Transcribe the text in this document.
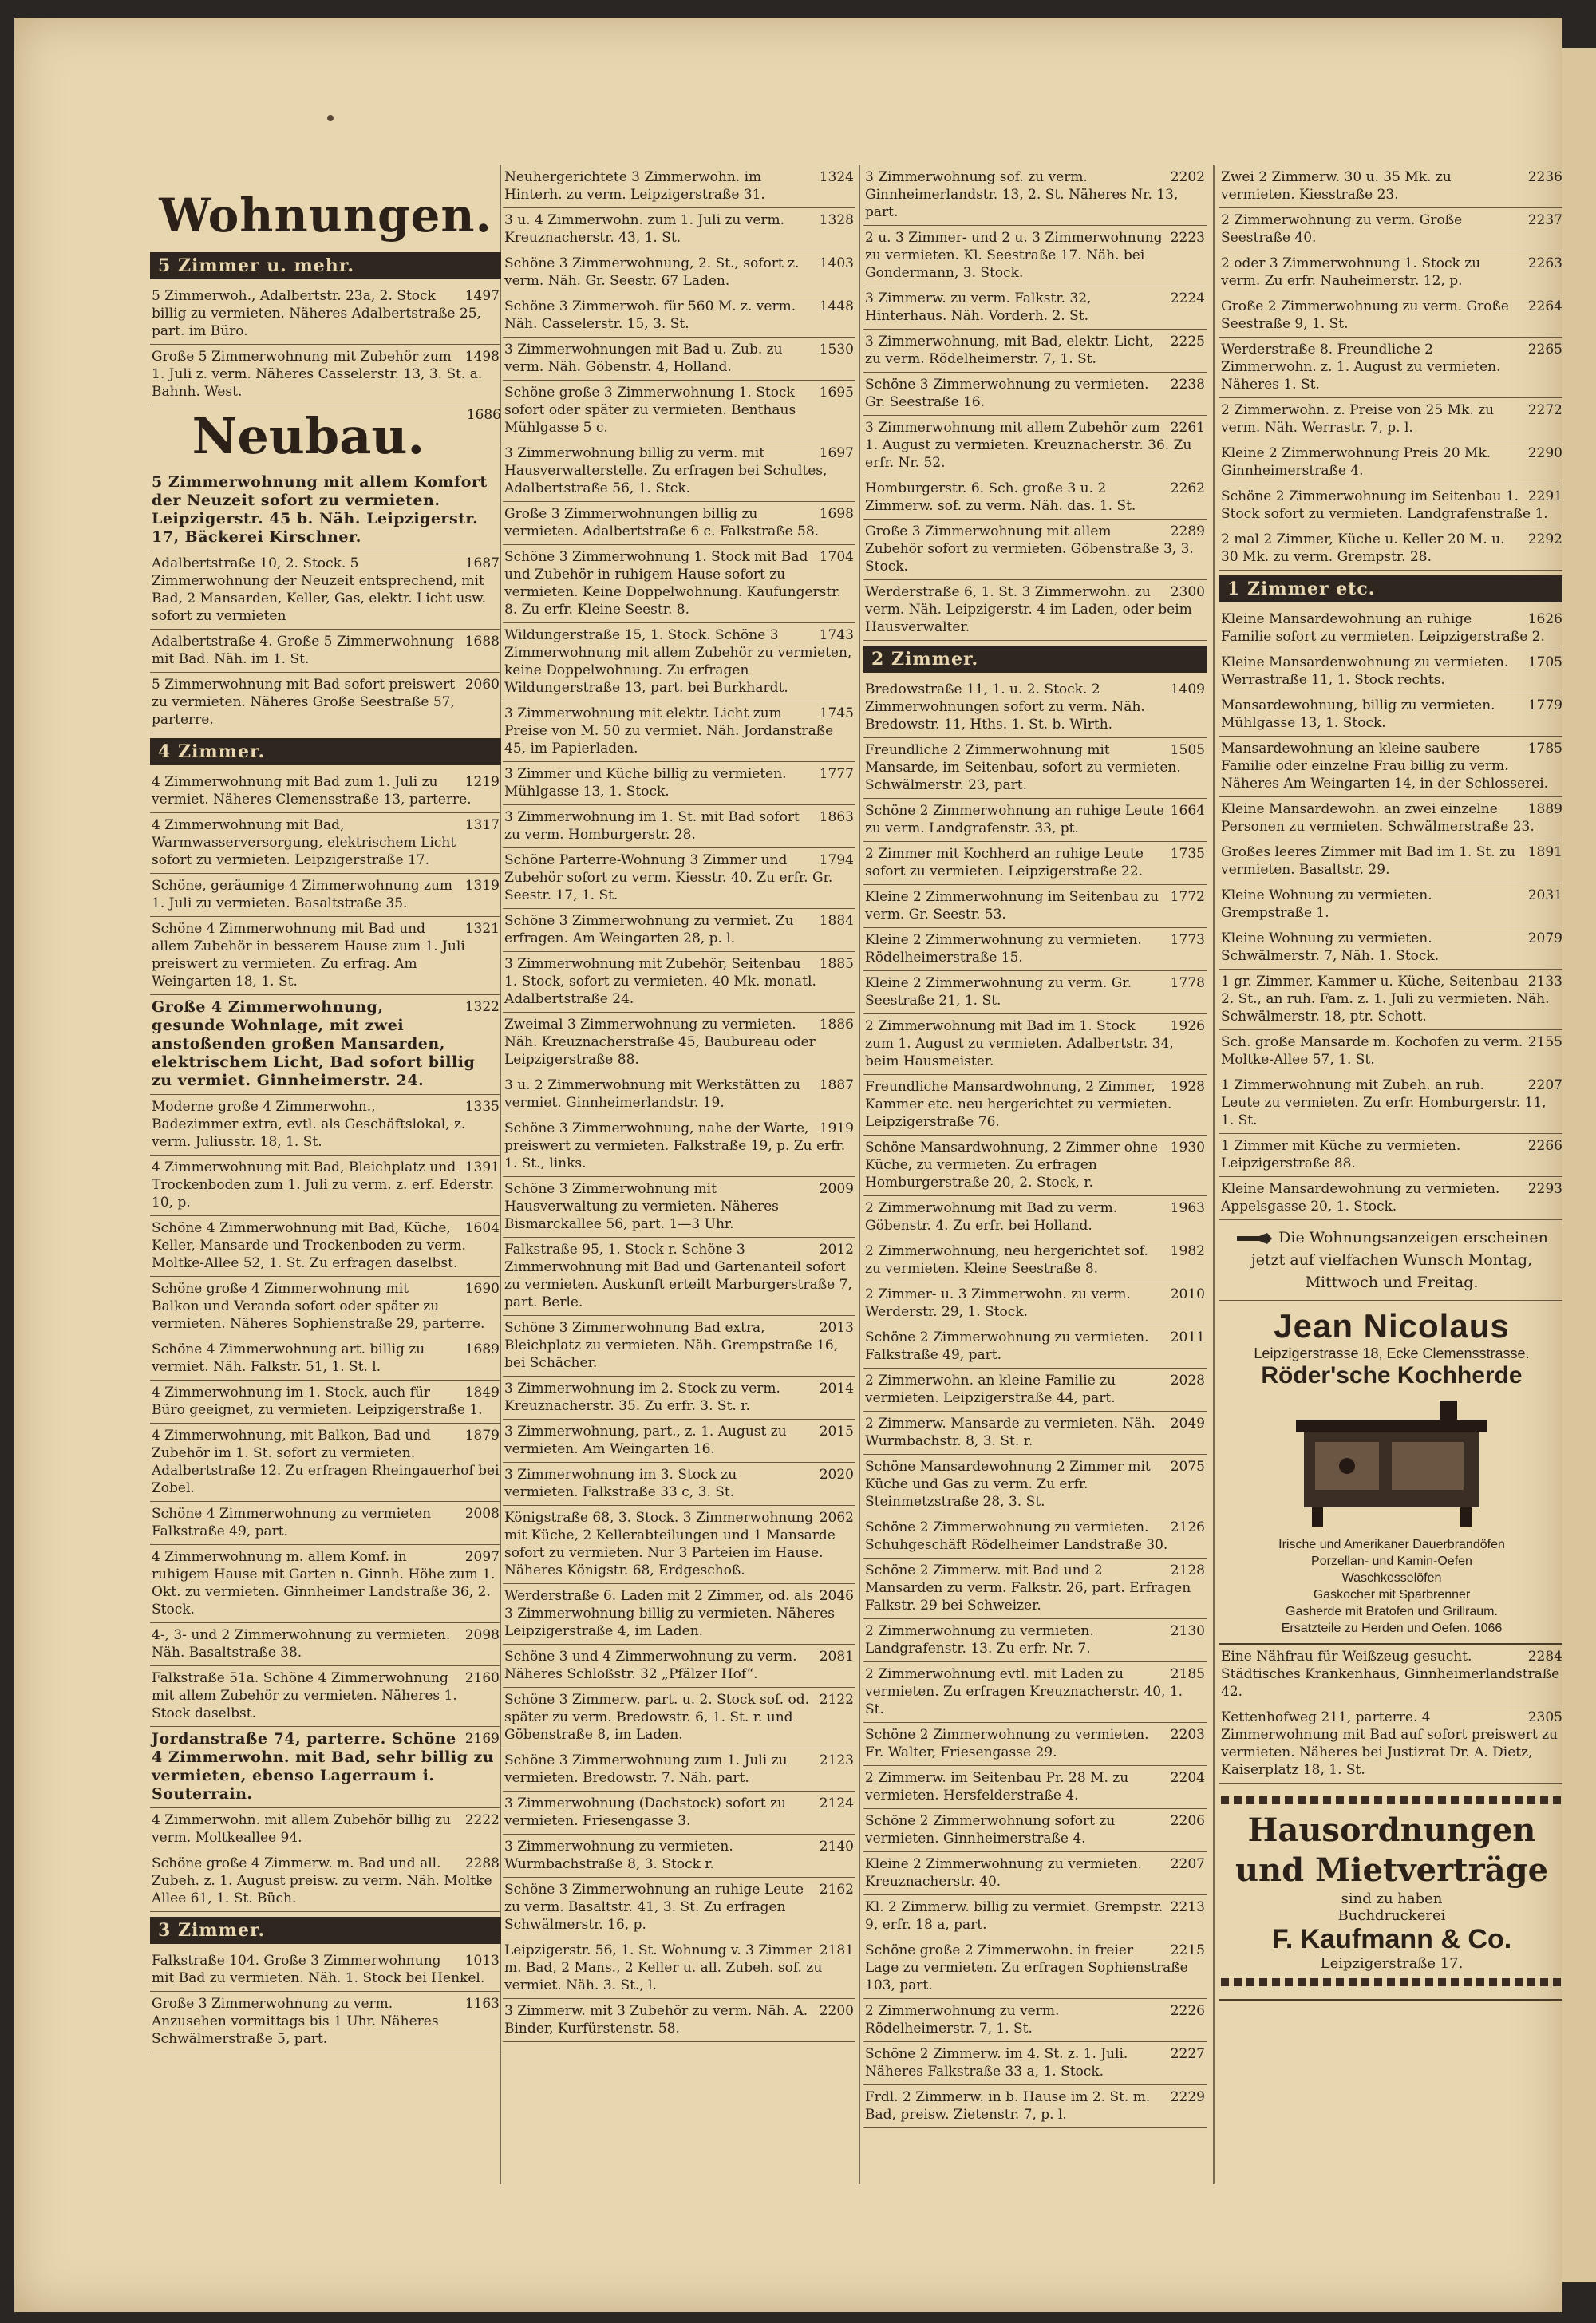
Wohnungen.
5 Zimmer u. mehr.
1497
5 Zimmerwoh., Adalbertstr. 23a, 2. Stock billig zu vermieten. Näheres Adalbertstraße 25, part. im Büro.
1498
Große 5 Zimmerwohnung mit Zubehör zum 1. Juli z. verm. Näheres Casselerstr. 13, 3. St. a. Bahnh. West.
1686
Neubau.
5 Zimmerwohnung mit allem Komfort der Neuzeit sofort zu vermieten. Leipzigerstr. 45 b. Näh. Leipzigerstr. 17, Bäckerei Kirschner.
1687
Adalbertstraße 10, 2. Stock. 5 Zimmerwohnung der Neuzeit entsprechend, mit Bad, 2 Mansarden, Keller, Gas, elektr. Licht usw. sofort zu vermieten
1688
Adalbertstraße 4. Große 5 Zimmerwohnung mit Bad. Näh. im 1. St.
2060
5 Zimmerwohnung mit Bad sofort preiswert zu vermieten. Näheres Große Seestraße 57, parterre.
4 Zimmer.
1219
4 Zimmerwohnung mit Bad zum 1. Juli zu vermiet. Näheres Clemensstraße 13, parterre.
1317
4 Zimmerwohnung mit Bad, Warmwasserversorgung, elektrischem Licht sofort zu vermieten. Leipzigerstraße 17.
1319
Schöne, geräumige 4 Zimmerwohnung zum 1. Juli zu vermieten. Basaltstraße 35.
1321
Schöne 4 Zimmerwohnung mit Bad und allem Zubehör in besserem Hause zum 1. Juli preiswert zu vermieten. Zu erfrag. Am Weingarten 18, 1. St.
1322
Große 4 Zimmerwohnung, gesunde Wohnlage, mit zwei anstoßenden großen Mansarden, elektrischem Licht, Bad sofort billig zu vermiet. Ginnheimerstr. 24.
1335
Moderne große 4 Zimmerwohn., Badezimmer extra, evtl. als Geschäftslokal, z. verm. Juliusstr. 18, 1. St.
1391
4 Zimmerwohnung mit Bad, Bleichplatz und Trockenboden zum 1. Juli zu verm. z. erf. Ederstr. 10, p.
1604
Schöne 4 Zimmerwohnung mit Bad, Küche, Keller, Mansarde und Trockenboden zu verm. Moltke-Allee 52, 1. St. Zu erfragen daselbst.
1690
Schöne große 4 Zimmerwohnung mit Balkon und Veranda sofort oder später zu vermieten. Näheres Sophienstraße 29, parterre.
1689
Schöne 4 Zimmerwohnung art. billig zu vermiet. Näh. Falkstr. 51, 1. St. l.
1849
4 Zimmerwohnung im 1. Stock, auch für Büro geeignet, zu vermieten. Leipzigerstraße 1.
1879
4 Zimmerwohnung, mit Balkon, Bad und Zubehör im 1. St. sofort zu vermieten. Adalbertstraße 12. Zu erfragen Rheingauerhof bei Zobel.
2008
Schöne 4 Zimmerwohnung zu vermieten Falkstraße 49, part.
2097
4 Zimmerwohnung m. allem Komf. in ruhigem Hause mit Garten n. Ginnh. Höhe zum 1. Okt. zu vermieten. Ginnheimer Landstraße 36, 2. Stock.
2098
4-, 3- und 2 Zimmerwohnung zu vermieten. Näh. Basaltstraße 38.
2160
Falkstraße 51a. Schöne 4 Zimmerwohnung mit allem Zubehör zu vermieten. Näheres 1. Stock daselbst.
2169
Jordanstraße 74, parterre. Schöne 4 Zimmerwohn. mit Bad, sehr billig zu vermieten, ebenso Lagerraum i. Souterrain.
2222
4 Zimmerwohn. mit allem Zubehör billig zu verm. Moltkeallee 94.
2288
Schöne große 4 Zimmerw. m. Bad und all. Zubeh. z. 1. August preisw. zu verm. Näh. Moltke Allee 61, 1. St. Büch.
3 Zimmer.
1013
Falkstraße 104. Große 3 Zimmerwohnung mit Bad zu vermieten. Näh. 1. Stock bei Henkel.
1163
Große 3 Zimmerwohnung zu verm. Anzusehen vormittags bis 1 Uhr. Näheres Schwälmerstraße 5, part.
1324
Neuhergerichtete 3 Zimmerwohn. im Hinterh. zu verm. Leipzigerstraße 31.
1328
3 u. 4 Zimmerwohn. zum 1. Juli zu verm. Kreuznacherstr. 43, 1. St.
1403
Schöne 3 Zimmerwohnung, 2. St., sofort z. verm. Näh. Gr. Seestr. 67 Laden.
1448
Schöne 3 Zimmerwoh. für 560 M. z. verm. Näh. Casselerstr. 15, 3. St.
1530
3 Zimmerwohnungen mit Bad u. Zub. zu verm. Näh. Göbenstr. 4, Holland.
1695
Schöne große 3 Zimmerwohnung 1. Stock sofort oder später zu vermieten. Benthaus Mühlgasse 5 c.
1697
3 Zimmerwohnung billig zu verm. mit Hausverwalterstelle. Zu erfragen bei Schultes, Adalbertstraße 56, 1. Stck.
1698
Große 3 Zimmerwohnungen billig zu vermieten. Adalbertstraße 6 c. Falkstraße 58.
1704
Schöne 3 Zimmerwohnung 1. Stock mit Bad und Zubehör in ruhigem Hause sofort zu vermieten. Keine Doppelwohnung. Kaufungerstr. 8. Zu erfr. Kleine Seestr. 8.
1743
Wildungerstraße 15, 1. Stock. Schöne 3 Zimmerwohnung mit allem Zubehör zu vermieten, keine Doppelwohnung. Zu erfragen Wildungerstraße 13, part. bei Burkhardt.
1745
3 Zimmerwohnung mit elektr. Licht zum Preise von M. 50 zu vermiet. Näh. Jordanstraße 45, im Papierladen.
1777
3 Zimmer und Küche billig zu vermieten. Mühlgasse 13, 1. Stock.
1863
3 Zimmerwohnung im 1. St. mit Bad sofort zu verm. Homburgerstr. 28.
1794
Schöne Parterre-Wohnung 3 Zimmer und Zubehör sofort zu verm. Kiesstr. 40. Zu erfr. Gr. Seestr. 17, 1. St.
1884
Schöne 3 Zimmerwohnung zu vermiet. Zu erfragen. Am Weingarten 28, p. l.
1885
3 Zimmerwohnung mit Zubehör, Seitenbau 1. Stock, sofort zu vermieten. 40 Mk. monatl. Adalbertstraße 24.
1886
Zweimal 3 Zimmerwohnung zu vermieten. Näh. Kreuznacherstraße 45, Baubureau oder Leipzigerstraße 88.
1887
3 u. 2 Zimmerwohnung mit Werkstätten zu vermiet. Ginnheimerlandstr. 19.
1919
Schöne 3 Zimmerwohnung, nahe der Warte, preiswert zu vermieten. Falkstraße 19, p. Zu erfr. 1. St., links.
2009
Schöne 3 Zimmerwohnung mit Hausverwaltung zu vermieten. Näheres Bismarckallee 56, part. 1—3 Uhr.
2012
Falkstraße 95, 1. Stock r. Schöne 3 Zimmerwohnung mit Bad und Gartenanteil sofort zu vermieten. Auskunft erteilt Marburgerstraße 7, part. Berle.
2013
Schöne 3 Zimmerwohnung Bad extra, Bleichplatz zu vermieten. Näh. Grempstraße 16, bei Schächer.
2014
3 Zimmerwohnung im 2. Stock zu verm. Kreuznacherstr. 35. Zu erfr. 3. St. r.
2015
3 Zimmerwohnung, part., z. 1. August zu vermieten. Am Weingarten 16.
2020
3 Zimmerwohnung im 3. Stock zu vermieten. Falkstraße 33 c, 3. St.
2062
Königstraße 68, 3. Stock. 3 Zimmerwohnung mit Küche, 2 Kellerabteilungen und 1 Mansarde sofort zu vermieten. Nur 3 Parteien im Hause. Näheres Königstr. 68, Erdgeschoß.
2046
Werderstraße 6. Laden mit 2 Zimmer, od. als 3 Zimmerwohnung billig zu vermieten. Näheres Leipzigerstraße 4, im Laden.
2081
Schöne 3 und 4 Zimmerwohnung zu verm. Näheres Schloßstr. 32 „Pfälzer Hof“.
2122
Schöne 3 Zimmerw. part. u. 2. Stock sof. od. später zu verm. Bredowstr. 6, 1. St. r. und Göbenstraße 8, im Laden.
2123
Schöne 3 Zimmerwohnung zum 1. Juli zu vermieten. Bredowstr. 7. Näh. part.
2124
3 Zimmerwohnung (Dachstock) sofort zu vermieten. Friesengasse 3.
2140
3 Zimmerwohnung zu vermieten. Wurmbachstraße 8, 3. Stock r.
2162
Schöne 3 Zimmerwohnung an ruhige Leute zu verm. Basaltstr. 41, 3. St. Zu erfragen Schwälmerstr. 16, p.
2181
Leipzigerstr. 56, 1. St. Wohnung v. 3 Zimmer m. Bad, 2 Mans., 2 Keller u. all. Zubeh. sof. zu vermiet. Näh. 3. St., l.
2200
3 Zimmerw. mit 3 Zubehör zu verm. Näh. A. Binder, Kurfürstenstr. 58.
2202
3 Zimmerwohnung sof. zu verm. Ginnheimerlandstr. 13, 2. St. Näheres Nr. 13, part.
2223
2 u. 3 Zimmer- und 2 u. 3 Zimmerwohnung zu vermieten. Kl. Seestraße 17. Näh. bei Gondermann, 3. Stock.
2224
3 Zimmerw. zu verm. Falkstr. 32, Hinterhaus. Näh. Vorderh. 2. St.
2225
3 Zimmerwohnung, mit Bad, elektr. Licht, zu verm. Rödelheimerstr. 7, 1. St.
2238
Schöne 3 Zimmerwohnung zu vermieten. Gr. Seestraße 16.
2261
3 Zimmerwohnung mit allem Zubehör zum 1. August zu vermieten. Kreuznacherstr. 36. Zu erfr. Nr. 52.
2262
Homburgerstr. 6. Sch. große 3 u. 2 Zimmerw. sof. zu verm. Näh. das. 1. St.
2289
Große 3 Zimmerwohnung mit allem Zubehör sofort zu vermieten. Göbenstraße 3, 3. Stock.
2300
Werderstraße 6, 1. St. 3 Zimmerwohn. zu verm. Näh. Leipzigerstr. 4 im Laden, oder beim Hausverwalter.
2 Zimmer.
1409
Bredowstraße 11, 1. u. 2. Stock. 2 Zimmerwohnungen sofort zu verm. Näh. Bredowstr. 11, Hths. 1. St. b. Wirth.
1505
Freundliche 2 Zimmerwohnung mit Mansarde, im Seitenbau, sofort zu vermieten. Schwälmerstr. 23, part.
1664
Schöne 2 Zimmerwohnung an ruhige Leute zu verm. Landgrafenstr. 33, pt.
1735
2 Zimmer mit Kochherd an ruhige Leute sofort zu vermieten. Leipzigerstraße 22.
1772
Kleine 2 Zimmerwohnung im Seitenbau zu verm. Gr. Seestr. 53.
1773
Kleine 2 Zimmerwohnung zu vermieten. Rödelheimerstraße 15.
1778
Kleine 2 Zimmerwohnung zu verm. Gr. Seestraße 21, 1. St.
1926
2 Zimmerwohnung mit Bad im 1. Stock zum 1. August zu vermieten. Adalbertstr. 34, beim Hausmeister.
1928
Freundliche Mansardwohnung, 2 Zimmer, Kammer etc. neu hergerichtet zu vermieten. Leipzigerstraße 76.
1930
Schöne Mansardwohnung, 2 Zimmer ohne Küche, zu vermieten. Zu erfragen Homburgerstraße 20, 2. Stock, r.
1963
2 Zimmerwohnung mit Bad zu verm. Göbenstr. 4. Zu erfr. bei Holland.
1982
2 Zimmerwohnung, neu hergerichtet sof. zu vermieten. Kleine Seestraße 8.
2010
2 Zimmer- u. 3 Zimmerwohn. zu verm. Werderstr. 29, 1. Stock.
2011
Schöne 2 Zimmerwohnung zu vermieten. Falkstraße 49, part.
2028
2 Zimmerwohn. an kleine Familie zu vermieten. Leipzigerstraße 44, part.
2049
2 Zimmerw. Mansarde zu vermieten. Näh. Wurmbachstr. 8, 3. St. r.
2075
Schöne Mansardewohnung 2 Zimmer mit Küche und Gas zu verm. Zu erfr. Steinmetzstraße 28, 3. St.
2126
Schöne 2 Zimmerwohnung zu vermieten. Schuhgeschäft Rödelheimer Landstraße 30.
2128
Schöne 2 Zimmerw. mit Bad und 2 Mansarden zu verm. Falkstr. 26, part. Erfragen Falkstr. 29 bei Schweizer.
2130
2 Zimmerwohnung zu vermieten. Landgrafenstr. 13. Zu erfr. Nr. 7.
2185
2 Zimmerwohnung evtl. mit Laden zu vermieten. Zu erfragen Kreuznacherstr. 40, 1. St.
2203
Schöne 2 Zimmerwohnung zu vermieten. Fr. Walter, Friesengasse 29.
2204
2 Zimmerw. im Seitenbau Pr. 28 M. zu vermieten. Hersfelderstraße 4.
2206
Schöne 2 Zimmerwohnung sofort zu vermieten. Ginnheimerstraße 4.
2207
Kleine 2 Zimmerwohnung zu vermieten. Kreuznacherstr. 40.
2213
Kl. 2 Zimmerw. billig zu vermiet. Grempstr. 9, erfr. 18 a, part.
2215
Schöne große 2 Zimmerwohn. in freier Lage zu vermieten. Zu erfragen Sophienstraße 103, part.
2226
2 Zimmerwohnung zu verm. Rödelheimerstr. 7, 1. St.
2227
Schöne 2 Zimmerw. im 4. St. z. 1. Juli. Näheres Falkstraße 33 a, 1. Stock.
2229
Frdl. 2 Zimmerw. in b. Hause im 2. St. m. Bad, preisw. Zietenstr. 7, p. l.
2236
Zwei 2 Zimmerw. 30 u. 35 Mk. zu vermieten. Kiesstraße 23.
2237
2 Zimmerwohnung zu verm. Große Seestraße 40.
2263
2 oder 3 Zimmerwohnung 1. Stock zu verm. Zu erfr. Nauheimerstr. 12, p.
2264
Große 2 Zimmerwohnung zu verm. Große Seestraße 9, 1. St.
2265
Werderstraße 8. Freundliche 2 Zimmerwohn. z. 1. August zu vermieten. Näheres 1. St.
2272
2 Zimmerwohn. z. Preise von 25 Mk. zu verm. Näh. Werrastr. 7, p. l.
2290
Kleine 2 Zimmerwohnung Preis 20 Mk. Ginnheimerstraße 4.
2291
Schöne 2 Zimmerwohnung im Seitenbau 1. Stock sofort zu vermieten. Landgrafenstraße 1.
2292
2 mal 2 Zimmer, Küche u. Keller 20 M. u. 30 Mk. zu verm. Grempstr. 28.
1 Zimmer etc.
1626
Kleine Mansardewohnung an ruhige Familie sofort zu vermieten. Leipzigerstraße 2.
1705
Kleine Mansardenwohnung zu vermieten. Werrastraße 11, 1. Stock rechts.
1779
Mansardewohnung, billig zu vermieten. Mühlgasse 13, 1. Stock.
1785
Mansardewohnung an kleine saubere Familie oder einzelne Frau billig zu verm. Näheres Am Weingarten 14, in der Schlosserei.
1889
Kleine Mansardewohn. an zwei einzelne Personen zu vermieten. Schwälmerstraße 23.
1891
Großes leeres Zimmer mit Bad im 1. St. zu vermieten. Basaltstr. 29.
2031
Kleine Wohnung zu vermieten. Grempstraße 1.
2079
Kleine Wohnung zu vermieten. Schwälmerstr. 7, Näh. 1. Stock.
2133
1 gr. Zimmer, Kammer u. Küche, Seitenbau 2. St., an ruh. Fam. z. 1. Juli zu vermieten. Näh. Schwälmerstr. 18, ptr. Schott.
2155
Sch. große Mansarde m. Kochofen zu verm. Moltke-Allee 57, 1. St.
2207
1 Zimmerwohnung mit Zubeh. an ruh. Leute zu vermieten. Zu erfr. Homburgerstr. 11, 1. St.
2266
1 Zimmer mit Küche zu vermieten. Leipzigerstraße 88.
2293
Kleine Mansardewohnung zu vermieten. Appelsgasse 20, 1. Stock.
Die Wohnungsanzeigen erscheinen jetzt auf vielfachen Wunsch Montag, Mittwoch und Freitag.
Jean Nicolaus
Leipzigerstrasse 18, Ecke Clemensstrasse.
Röder'sche Kochherde
Irische und Amerikaner Dauerbrandöfen
Porzellan- und Kamin-Oefen
Waschkesselöfen
Gaskocher mit Sparbrenner
Gasherde mit Bratofen und Grillraum.
Ersatzteile zu Herden und Oefen. 1066
2284
Eine Nähfrau für Weißzeug gesucht. Städtisches Krankenhaus, Ginnheimerlandstraße 42.
2305
Kettenhofweg 211, parterre. 4 Zimmerwohnung mit Bad auf sofort preiswert zu vermieten. Näheres bei Justizrat Dr. A. Dietz, Kaiserplatz 18, 1. St.
Hausordnungen
und Mietverträge
sind zu haben
Buchdruckerei
F. Kaufmann & Co.
Leipzigerstraße 17.
